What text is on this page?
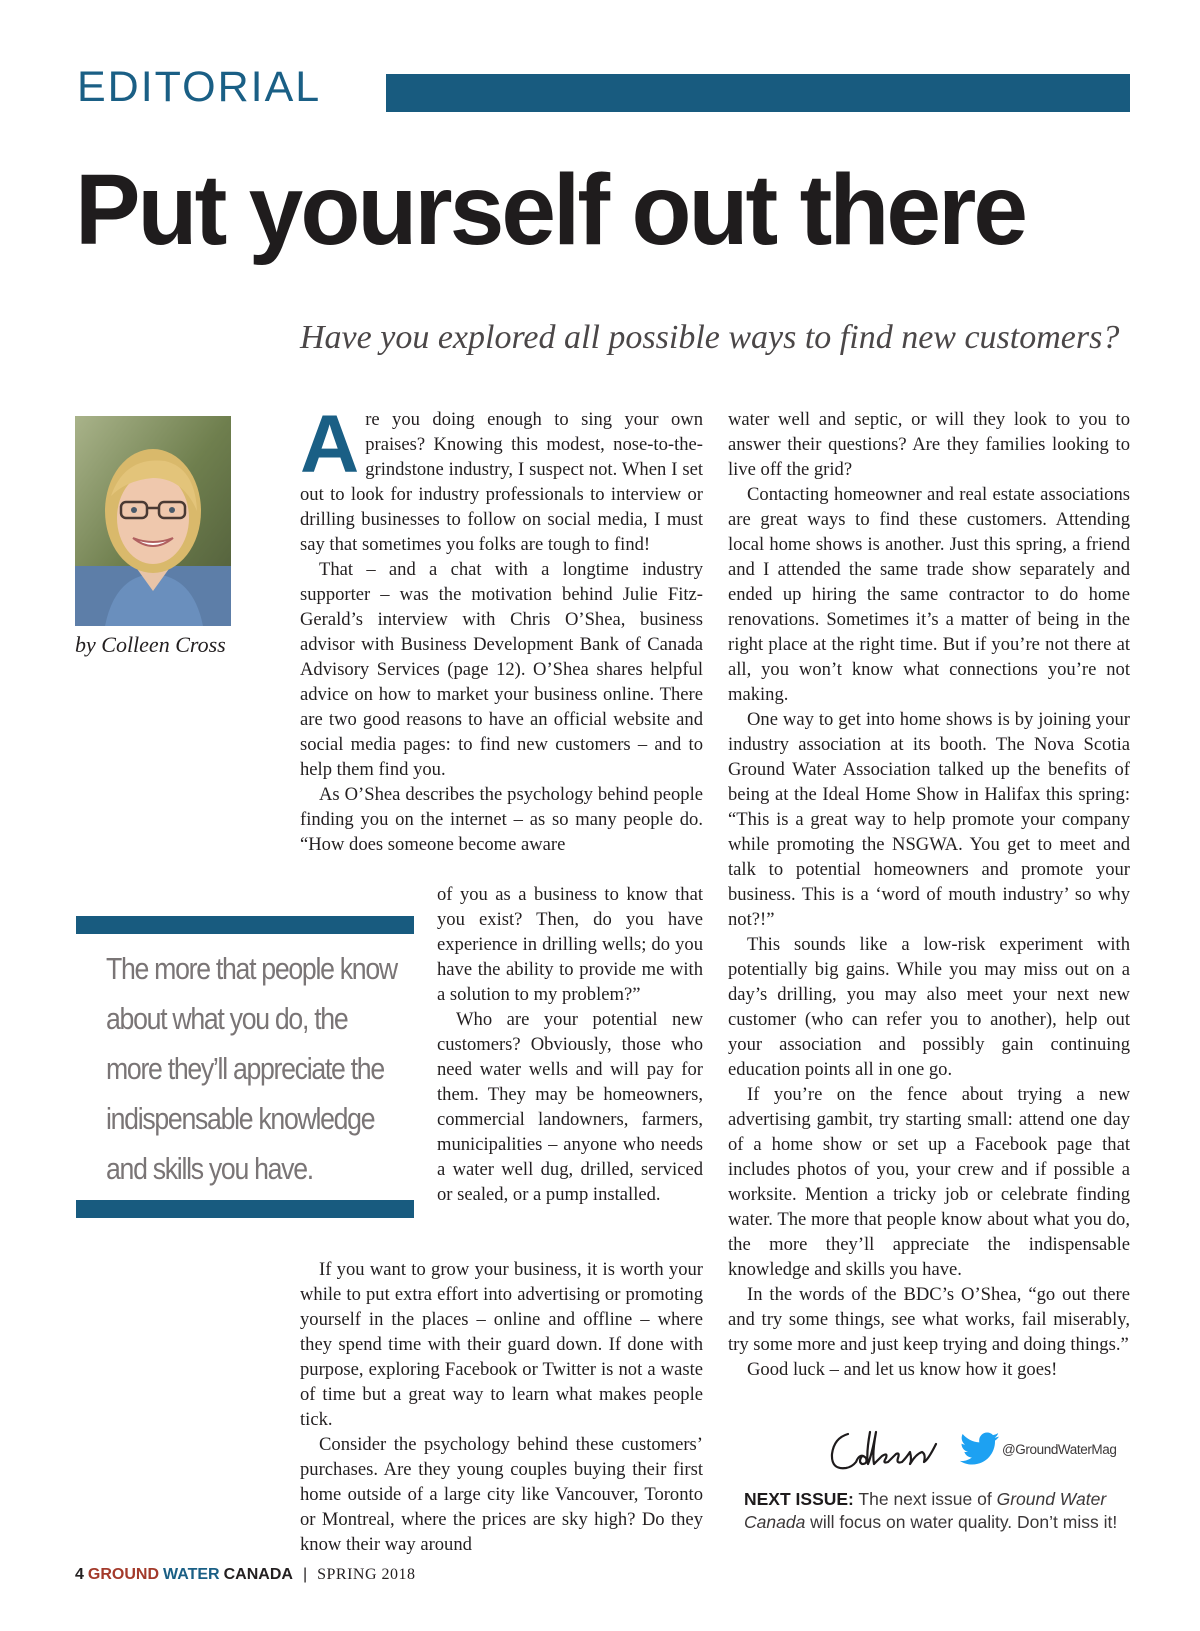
EDITORIAL
Put yourself out there
Have you explored all possible ways to find new customers?
by Colleen Cross

Are you doing enough to sing your own praises? Knowing this modest, nose-to-the-grindstone industry, I suspect not. When I set out to look for industry professionals to interview or drilling businesses to follow on social media, I must say that sometimes you folks are tough to find!

That – and a chat with a longtime industry supporter – was the motivation behind Julie Fitz-Gerald’s interview with Chris O’Shea, business advisor with Business Development Bank of Canada Advisory Services (page 12). O’Shea shares helpful advice on how to market your business online. There are two good reasons to have an official website and social media pages: to find new customers – and to help them find you.

As O’Shea describes the psychology behind people finding you on the internet – as so many people do. “How does someone become aware

of you as a business to know that you exist? Then, do you have experience in drilling wells; do you have the ability to provide me with a solution to my problem?”

Who are your potential new customers? Obviously, those who need water wells and will pay for them. They may be homeowners, commercial landowners, farmers, municipalities – anyone who needs a water well dug, drilled, serviced or sealed, or a pump installed.

If you want to grow your business, it is worth your while to put extra effort into advertising or promoting yourself in the places – online and offline – where they spend time with their guard down. If done with purpose, exploring Facebook or Twitter is not a waste of time but a great way to learn what makes people tick.

Consider the psychology behind these customers’ purchases. Are they young couples buying their first home outside of a large city like Vancouver, Toronto or Montreal, where the prices are sky high? Do they know their way around

water well and septic, or will they look to you to answer their questions? Are they families looking to live off the grid?

Contacting homeowner and real estate associations are great ways to find these customers. Attending local home shows is another. Just this spring, a friend and I attended the same trade show separately and ended up hiring the same contractor to do home renovations. Sometimes it’s a matter of being in the right place at the right time. But if you’re not there at all, you won’t know what connections you’re not making.

One way to get into home shows is by joining your industry association at its booth. The Nova Scotia Ground Water Association talked up the benefits of being at the Ideal Home Show in Halifax this spring: “This is a great way to help promote your company while promoting the NSGWA. You get to meet and talk to potential homeowners and promote your business. This is a ‘word of mouth industry’ so why not?!”

This sounds like a low-risk experiment with potentially big gains. While you may miss out on a day’s drilling, you may also meet your next new customer (who can refer you to another), help out your association and possibly gain continuing education points all in one go.

If you’re on the fence about trying a new advertising gambit, try starting small: attend one day of a home show or set up a Facebook page that includes photos of you, your crew and if possible a worksite. Mention a tricky job or celebrate finding water. The more that people know about what you do, the more they’ll appreciate the indispensable knowledge and skills you have.

In the words of the BDC’s O’Shea, “go out there and try some things, see what works, fail miserably, try some more and just keep trying and doing things.”

Good luck – and let us know how it goes!

The more that people know
about what you do, the
more they’ll appreciate the
indispensable knowledge
and skills you have.
@GroundWaterMag
NEXT ISSUE: The next issue of Ground Water Canada will focus on water quality. Don’t miss it!
4 GROUND WATER CANADA | SPRING 2018
